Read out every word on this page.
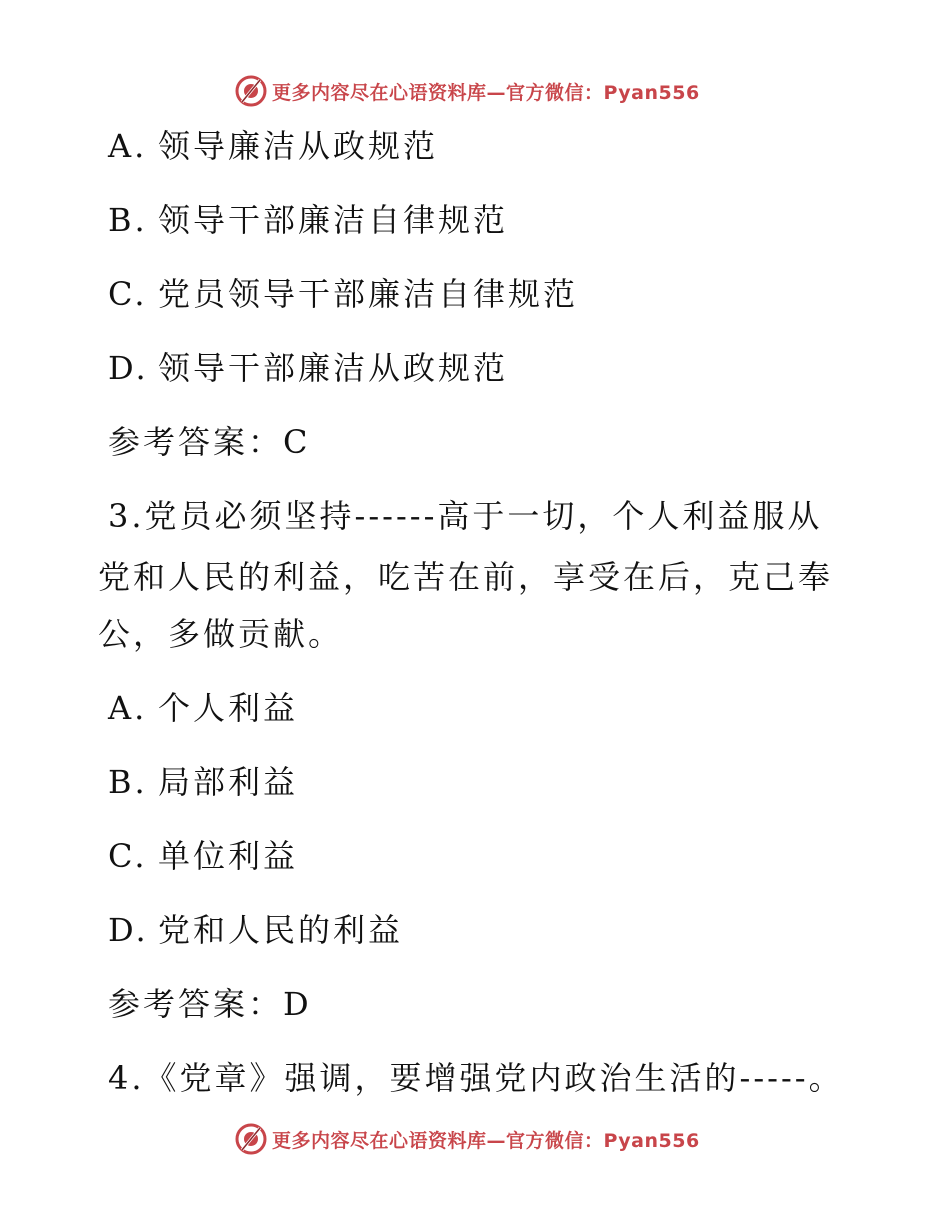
更多内容尽在心语资料库—官方微信：Pyan556
A. 领导廉洁从政规范
B. 领导干部廉洁自律规范
C. 党员领导干部廉洁自律规范
D. 领导干部廉洁从政规范
参考答案：C
3.党员必须坚持------高于一切，个人利益服从
党和人民的利益，吃苦在前，享受在后，克己奉
公，多做贡献。
A. 个人利益
B. 局部利益
C. 单位利益
D. 党和人民的利益
参考答案：D
4.《党章》强调，要增强党内政治生活的-----。
更多内容尽在心语资料库—官方微信：Pyan556
